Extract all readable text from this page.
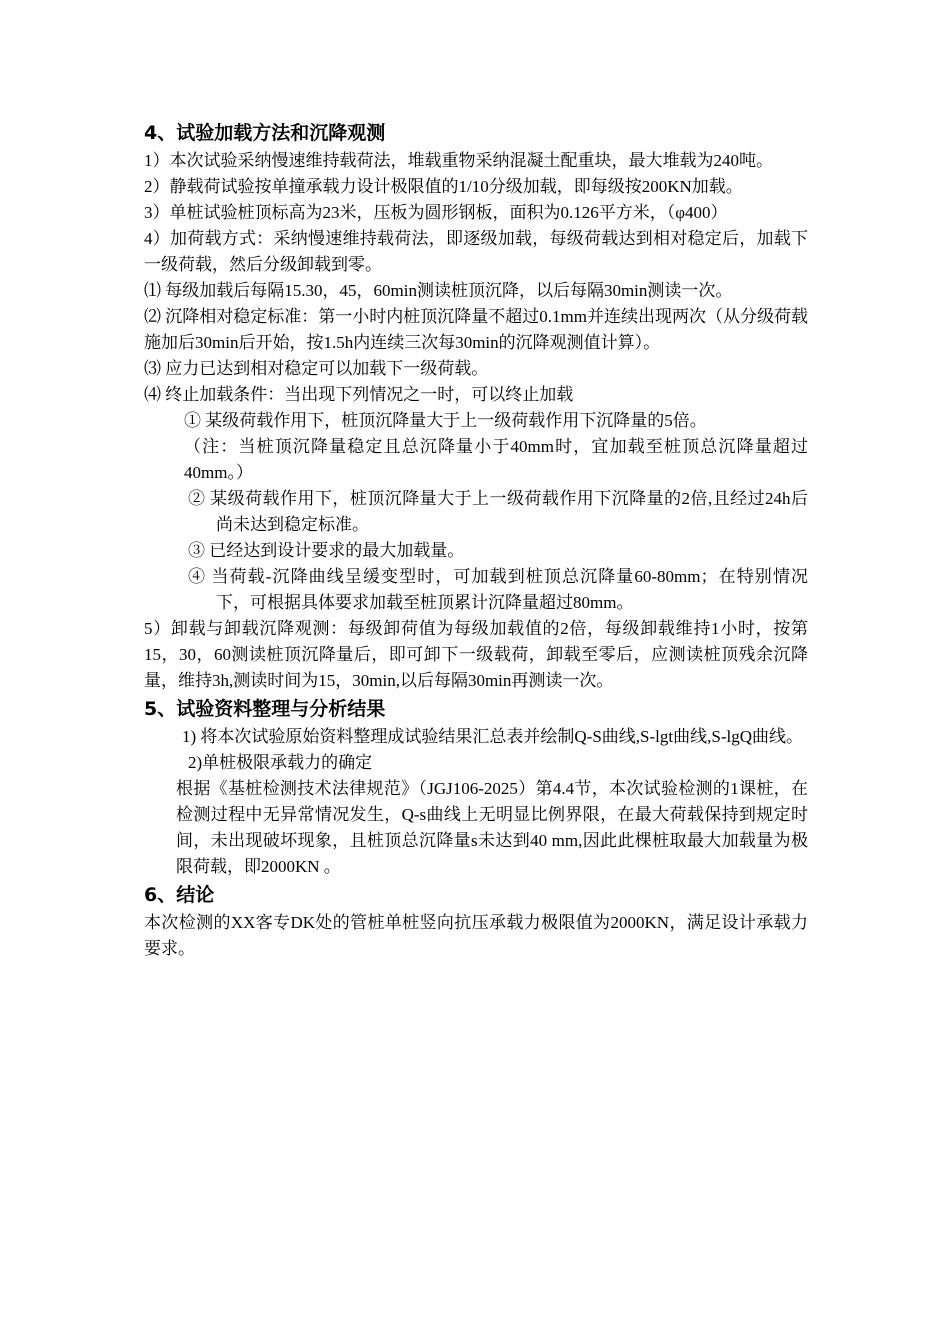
4、试验加载方法和沉降观测

1）本次试验采纳慢速维持载荷法，堆载重物采纳混凝土配重块，最大堆载为240吨。

2）静载荷试验按单撞承载力设计极限值的1/10分级加载，即每级按200KN加载。

3）单桩试验桩顶标高为23米，压板为圆形钢板，面积为0.126平方米，（φ400）

4）加荷载方式：采纳慢速维持载荷法，即逐级加载，每级荷载达到相对稳定后，加载下一级荷载，然后分级卸载到零。

⑴ 每级加载后每隔15.30，45，60min测读桩顶沉降，以后每隔30min测读一次。

⑵ 沉降相对稳定标准：第一小时内桩顶沉降量不超过0.1mm并连续出现两次（从分级荷载施加后30min后开始，按1.5h内连续三次每30min的沉降观测值计算）。

⑶ 应力已达到相对稳定可以加载下一级荷载。

⑷ 终止加载条件：当出现下列情况之一时，可以终止加载

① 某级荷载作用下，桩顶沉降量大于上一级荷载作用下沉降量的5倍。

（注：当桩顶沉降量稳定且总沉降量小于40mm时，宜加载至桩顶总沉降量超过40mm。）

② 某级荷载作用下，桩顶沉降量大于上一级荷载作用下沉降量的2倍,且经过24h后尚未达到稳定标准。

③ 已经达到设计要求的最大加载量。

④ 当荷载-沉降曲线呈缓变型时，可加载到桩顶总沉降量60-80mm；在特别情况下，可根据具体要求加载至桩顶累计沉降量超过80mm。

5）卸载与卸载沉降观测：每级卸荷值为每级加载值的2倍，每级卸载维持1小时，按第15，30，60测读桩顶沉降量后，即可卸下一级载荷，卸载至零后，应测读桩顶残余沉降量，维持3h,测读时间为15，30min,以后每隔30min再测读一次。

5、试验资料整理与分析结果

1) 将本次试验原始资料整理成试验结果汇总表并绘制Q-S曲线,S-lgt曲线,S-lgQ曲线。

2)单桩极限承载力的确定

根据《基桩检测技术法律规范》（JGJ106-2025）第4.4节，本次试验检测的1课桩，在检测过程中无异常情况发生，Q-s曲线上无明显比例界限，在最大荷载保持到规定时间，未出现破坏现象，且桩顶总沉降量s未达到40 mm,因此此棵桩取最大加载量为极限荷载，即2000KN 。

6、结论

本次检测的XX客专DK处的管桩单桩竖向抗压承载力极限值为2000KN，满足设计承载力要求。
